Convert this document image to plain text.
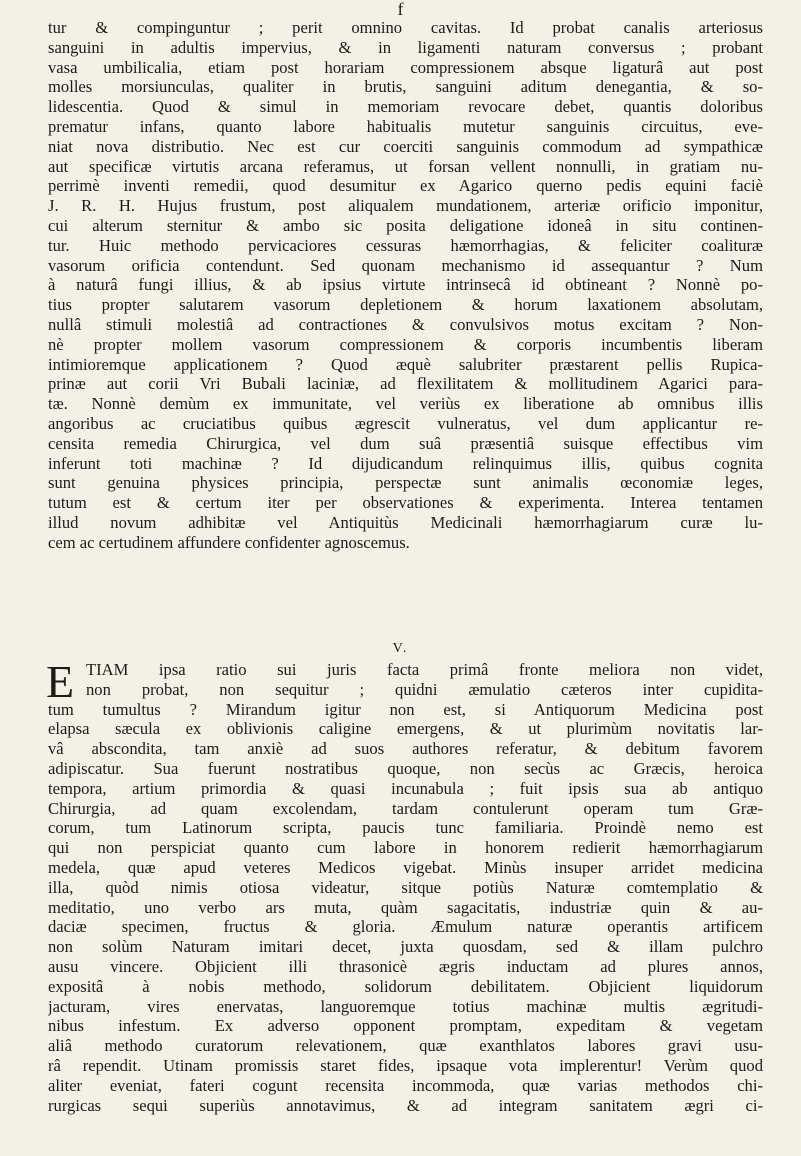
f
tur & compinguntur ; perit omnino cavitas. Id probat canalis arteriosus
sanguini in adultis impervius, & in ligamenti naturam conversus ; probant
vasa umbilicalia, etiam post horariam compressionem absque ligaturâ aut post
molles morsiunculas, qualiter in brutis, sanguini aditum denegantia, & so-
lidescentia. Quod & simul in memoriam revocare debet, quantis doloribus
prematur infans, quanto labore habitualis mutetur sanguinis circuitus, eve-
niat nova distributio. Nec est cur coerciti sanguinis commodum ad sympathicæ
aut specificæ virtutis arcana referamus, ut forsan vellent nonnulli, in gratiam nu-
perrimè inventi remedii, quod desumitur ex Agarico querno pedis equini faciè
J. R. H. Hujus frustum, post aliqualem mundationem, arteriæ orificio imponitur,
cui alterum sternitur & ambo sic posita deligatione idoneâ in situ continen-
tur. Huic methodo pervicaciores cessuras hæmorrhagias, & feliciter coalituræ
vasorum orificia contendunt. Sed quonam mechanismo id assequantur ? Num
à naturâ fungi illius, & ab ipsius virtute intrinsecâ id obtineant ? Nonnè po-
tius propter salutarem vasorum depletionem & horum laxationem absolutam,
nullâ stimuli molestiâ ad contractiones & convulsivos motus excitam ? Non-
nè propter mollem vasorum compressionem & corporis incumbentis liberam
intimioremque applicationem ? Quod æquè salubriter præstarent pellis Rupica-
prinæ aut corii Vri Bubali laciniæ, ad flexilitatem & mollitudinem Agarici para-
tæ. Nonnè demùm ex immunitate, vel veriùs ex liberatione ab omnibus illis
angoribus ac cruciatibus quibus ægrescit vulneratus, vel dum applicantur re-
censita remedia Chirurgica, vel dum suâ præsentiâ suisque effectibus vim
inferunt toti machinæ ? Id dijudicandum relinquimus illis, quibus cognita
sunt genuina physices principia, perspectæ sunt animalis œconomiæ leges,
tutum est & certum iter per observationes & experimenta. Interea tentamen
illud novum adhibitæ vel Antiquitùs Medicinali hæmorrhagiarum curæ lu-
cem ac certudinem affundere confidenter agnoscemus.
V.
E TIAM ipsa ratio sui juris facta primâ fronte meliora non videt,
non probat, non sequitur ; quidni æmulatio cæteros inter cupidita-
tum tumultus ? Mirandum igitur non est, si Antiquorum Medicina post
elapsa sæcula ex oblivionis caligine emergens, & ut plurimùm novitatis lar-
vâ abscondita, tam anxiè ad suos authores referatur, & debitum favorem
adipiscatur. Sua fuerunt nostratibus quoque, non secùs ac Græcis, heroica
tempora, artium primordia & quasi incunabula ; fuit ipsis sua ab antiquo
Chirurgia, ad quam excolendam, tardam contulerunt operam tum Græ-
corum, tum Latinorum scripta, paucis tunc familiaria. Proindè nemo est
qui non perspiciat quanto cum labore in honorem redierit hæmorrhagiarum
medela, quæ apud veteres Medicos vigebat. Minùs insuper arridet medicina
illa, quòd nimis otiosa videatur, sitque potiùs Naturæ comtemplatio &
meditatio, uno verbo ars muta, quàm sagacitatis, industriæ quin & au-
daciæ specimen, fructus & gloria. Æmulum naturæ operantis artificem
non solùm Naturam imitari decet, juxta quosdam, sed & illam pulchro
ausu vincere. Objicient illi thrasonicè ægris inductam ad plures annos,
expositâ à nobis methodo, solidorum debilitatem. Objicient liquidorum
jacturam, vires enervatas, languoremque totius machinæ multis ægritudi-
nibus infestum. Ex adverso opponent promptam, expeditam & vegetam
aliâ methodo curatorum relevationem, quæ exanthlatos labores gravi usu-
râ rependit. Utinam promissis staret fides, ipsaque vota implerentur! Verùm quod
aliter eveniat, fateri cogunt recensita incommoda, quæ varias methodos chi-
rurgicas sequi superiùs annotavimus, & ad integram sanitatem ægri ci-
